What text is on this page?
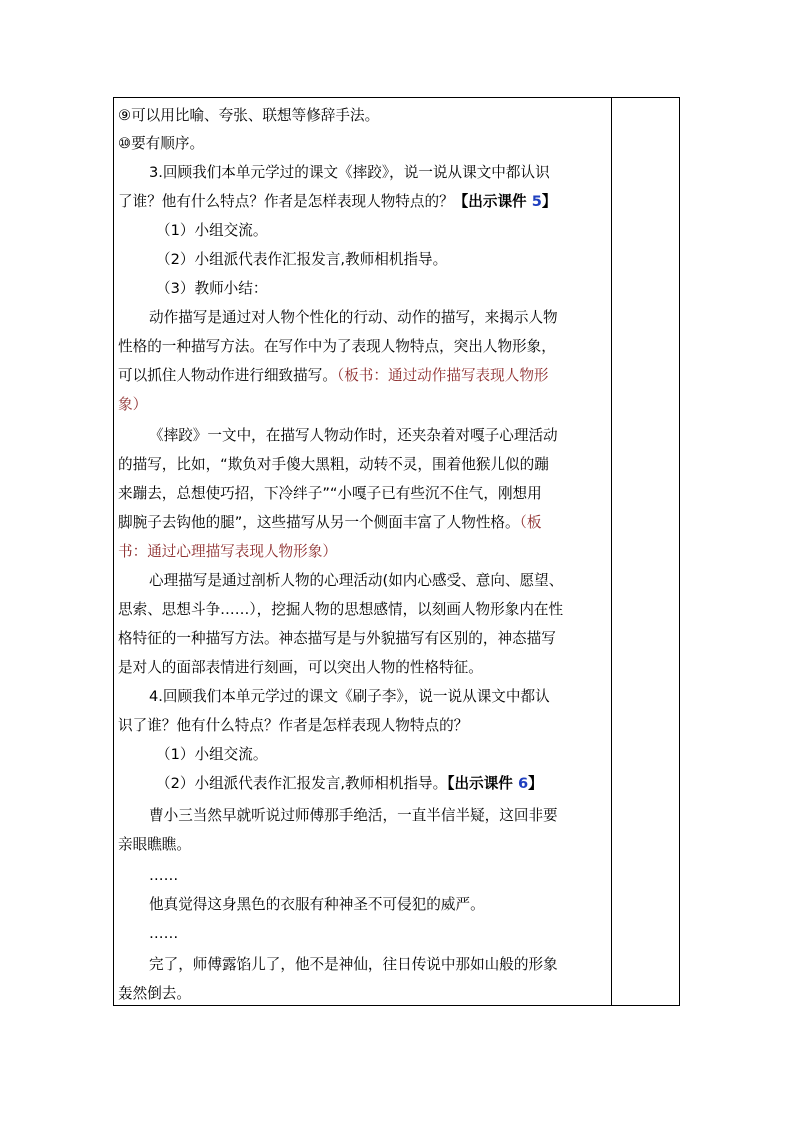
⑨可以用比喻、夸张、联想等修辞手法。
⑩要有顺序。
3.回顾我们本单元学过的课文《摔跤》，说一说从课文中都认识
了谁？他有什么特点？作者是怎样表现人物特点的？【出示课件 5】
（1）小组交流。
（2）小组派代表作汇报发言,教师相机指导。
（3）教师小结：
动作描写是通过对人物个性化的行动、动作的描写，来揭示人物
性格的一种描写方法。在写作中为了表现人物特点，突出人物形象，
可以抓住人物动作进行细致描写。（板书：通过动作描写表现人物形
象）
《摔跤》一文中，在描写人物动作时，还夹杂着对嘎子心理活动
的描写，比如，“欺负对手傻大黑粗，动转不灵，围着他猴儿似的蹦
来蹦去，总想使巧招，下冷绊子”“小嘎子已有些沉不住气，刚想用
脚腕子去钩他的腿”，这些描写从另一个侧面丰富了人物性格。（板
书：通过心理描写表现人物形象）
心理描写是通过剖析人物的心理活动(如内心感受、意向、愿望、
思索、思想斗争……），挖掘人物的思想感情，以刻画人物形象内在性
格特征的一种描写方法。神态描写是与外貌描写有区别的，神态描写
是对人的面部表情进行刻画，可以突出人物的性格特征。
4.回顾我们本单元学过的课文《刷子李》，说一说从课文中都认
识了谁？他有什么特点？作者是怎样表现人物特点的？
（1）小组交流。
（2）小组派代表作汇报发言,教师相机指导。【出示课件 6】
曹小三当然早就听说过师傅那手绝活，一直半信半疑，这回非要
亲眼瞧瞧。
……
他真觉得这身黑色的衣服有种神圣不可侵犯的威严。
……
完了，师傅露馅儿了，他不是神仙，往日传说中那如山般的形象
轰然倒去。
